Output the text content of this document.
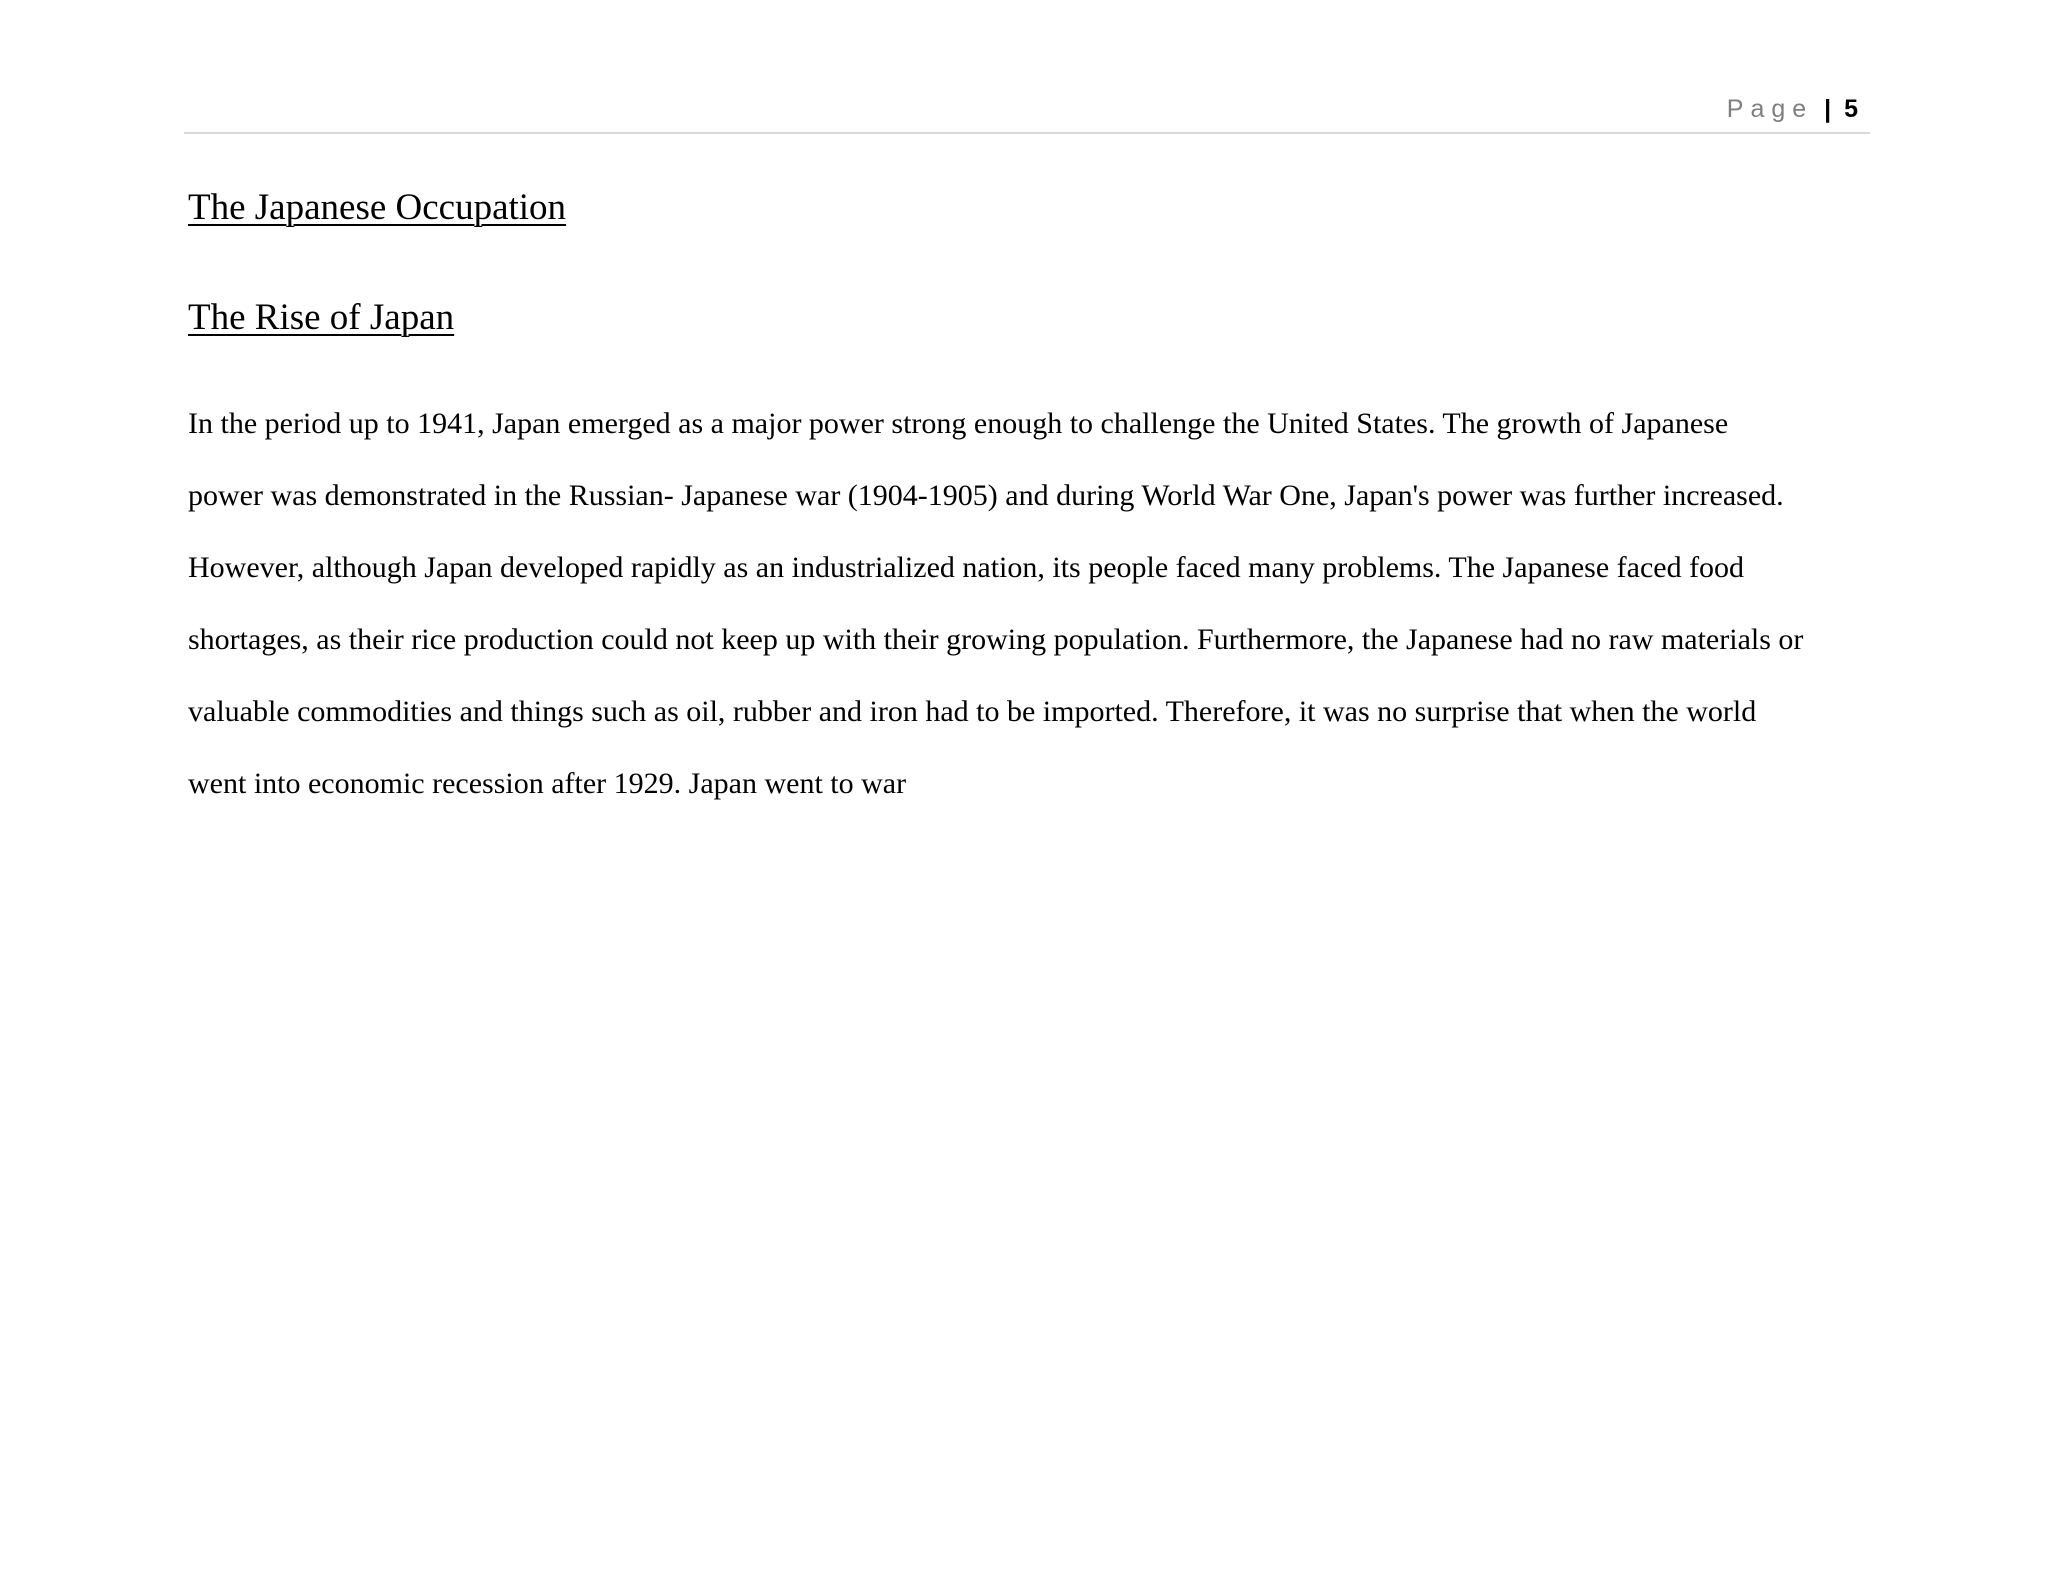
Page | 5
The Japanese Occupation
The Rise of Japan

In the period up to 1941, Japan emerged as a major power strong enough to challenge the United States. The growth of Japanese

power was demonstrated in the Russian- Japanese war (1904-1905) and during World War One, Japan's power was further increased.

However, although Japan developed rapidly as an industrialized nation, its people faced many problems. The Japanese faced food

shortages, as their rice production could not keep up with their growing population. Furthermore, the Japanese had no raw materials or

valuable commodities and things such as oil, rubber and iron had to be imported. Therefore, it was no surprise that when the world

went into economic recession after 1929. Japan went to war
